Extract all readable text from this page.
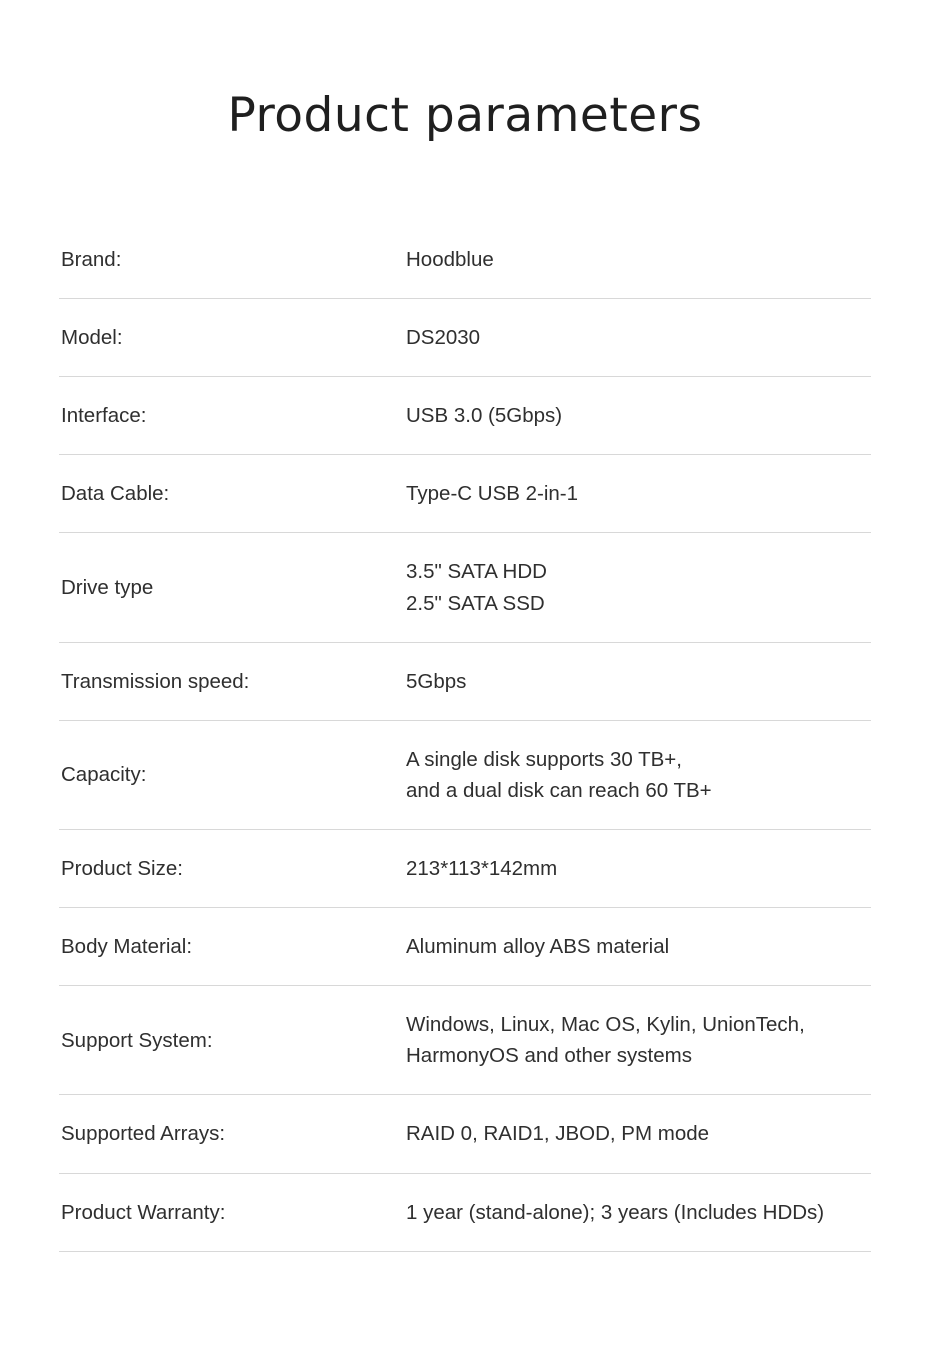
Product parameters
Brand:	Hoodblue

Model:	DS2030

Interface:	USB 3.0 (5Gbps)

Data Cable:	Type-C USB 2-in-1

Drive type	3.5" SATA HDD
2.5" SATA SSD

Transmission speed:	5Gbps

Capacity:	A single disk supports 30 TB+,
and a dual disk can reach 60 TB+

Product Size:	213*113*142mm

Body Material:	Aluminum alloy ABS material

Support System:	Windows, Linux, Mac OS, Kylin, UnionTech,
HarmonyOS and other systems

Supported Arrays:	RAID 0, RAID1, JBOD, PM mode

Product Warranty:	1 year (stand-alone); 3 years (Includes HDDs)
